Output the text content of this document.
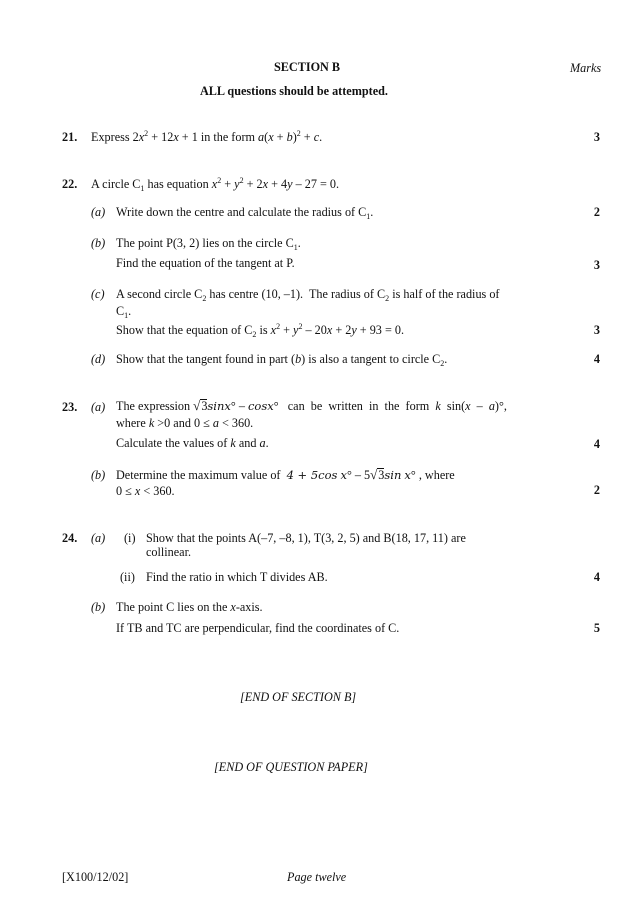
SECTION B	Marks
ALL questions should be attempted.
21. Express $2x^2 + 12x + 1$ in the form $a(x + b)^2 + c$.	3
22. A circle $C_1$ has equation $x^2 + y^2 + 2x + 4y - 27 = 0$.
(a) Write down the centre and calculate the radius of $C_1$.	2
(b) The point P(3, 2) lies on the circle $C_1$.
Find the equation of the tangent at P.	3
(c) A second circle $C_2$ has centre (10, –1).  The radius of $C_2$ is half of the radius of
$C_1$.
Show that the equation of $C_2$ is $x^2 + y^2 - 20x + 2y + 93 = 0$.	3
(d) Show that the tangent found in part (b) is also a tangent to circle $C_2$.	4
23. (a) The expression √3sinx° – cosx°   can  be  written  in  the  form  k  sin(x  –  a)°,
where k >0 and 0 ≤ a < 360.
Calculate the values of k and a.	4
(b) Determine the maximum value of  4 + 5cos x° – 5√3sin x° , where
0 ≤ x < 360.	2
24. (a) (i) Show that the points A(–7, –8, 1), T(3, 2, 5) and B(18, 17, 11) are
collinear.
(ii) Find the ratio in which T divides AB.	4
(b) The point C lies on the x-axis.
If TB and TC are perpendicular, find the coordinates of C.	5
[END OF SECTION B]
[END OF QUESTION PAPER]
[X100/12/02]	Page twelve
